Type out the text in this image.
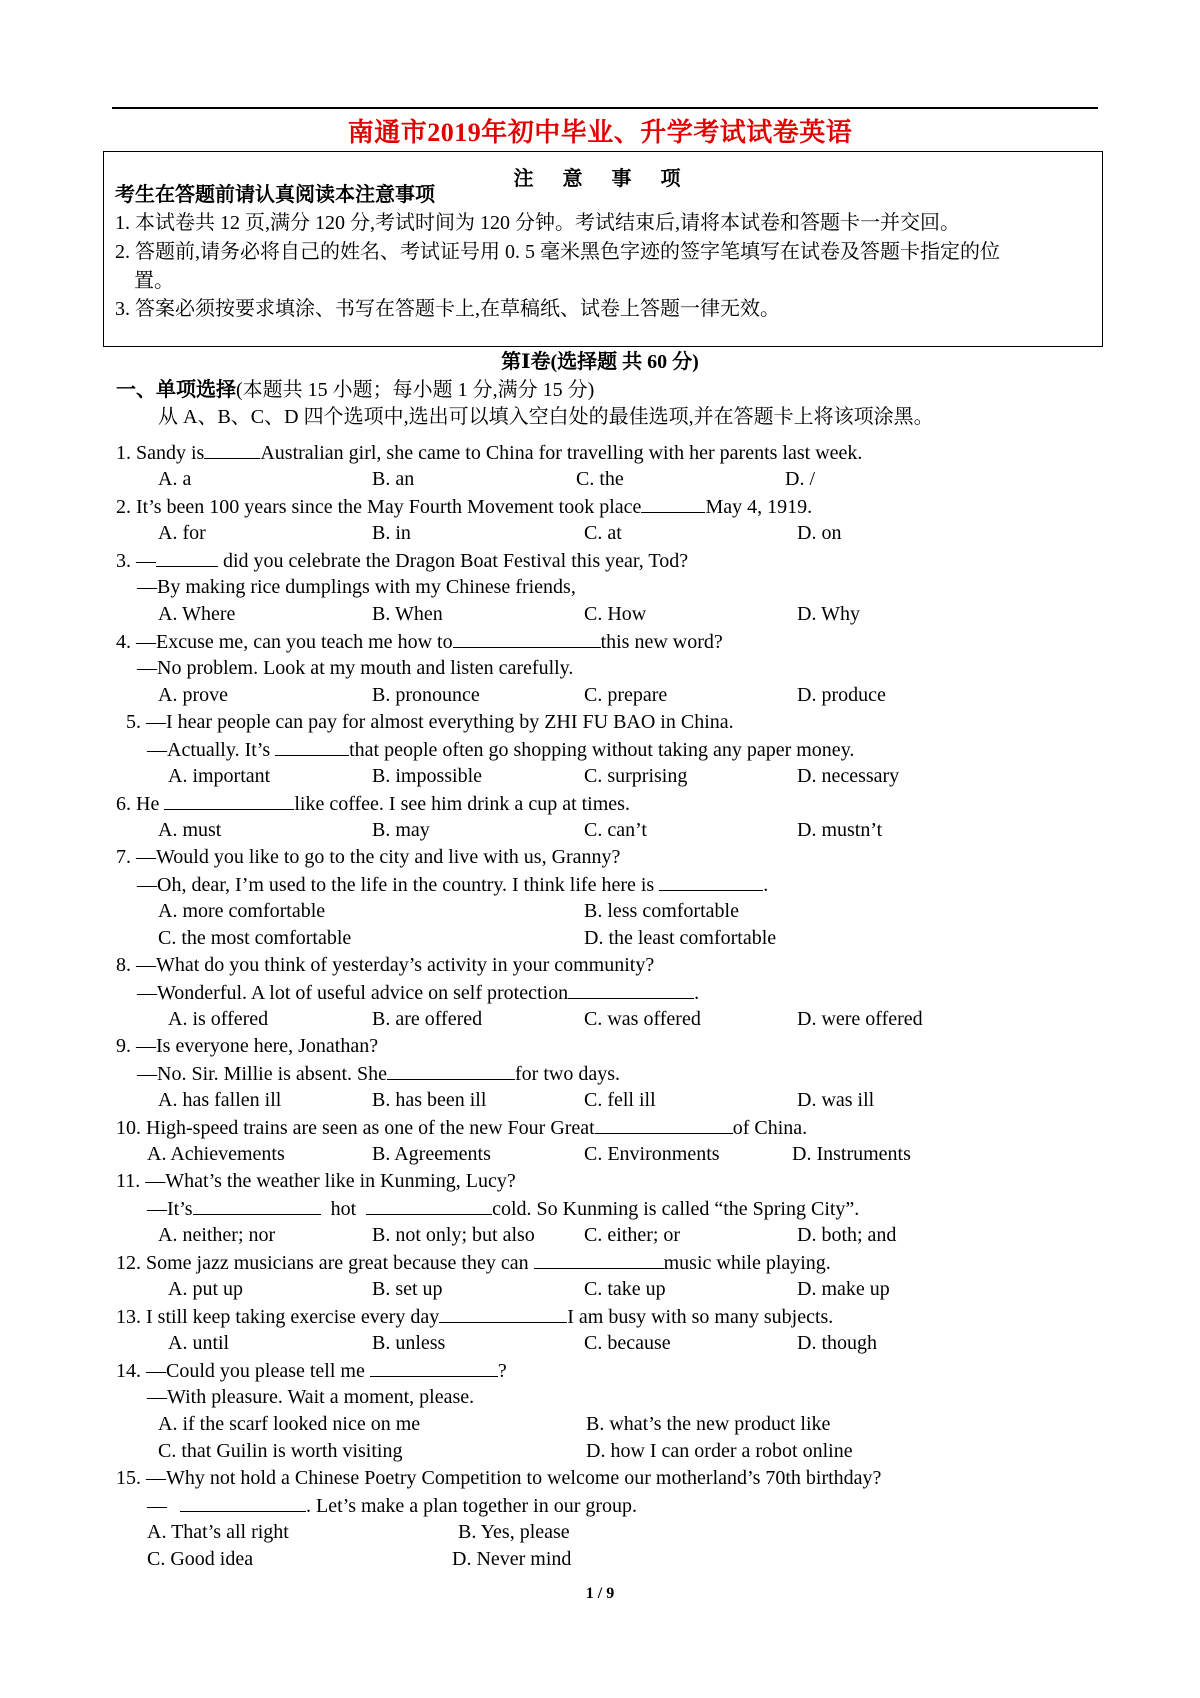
南通市2019年初中毕业、升学考试试卷英语
注 意 事 项
考生在答题前请认真阅读本注意事项
1. 本试卷共 12 页,满分 120 分,考试时间为 120 分钟。考试结束后,请将本试卷和答题卡一并交回。
2. 答题前,请务必将自己的姓名、考试证号用 0. 5 毫米黑色字迹的签字笔填写在试卷及答题卡指定的位
置。
3. 答案必须按要求填涂、书写在答题卡上,在草稿纸、试卷上答题一律无效。
第Ⅰ卷(选择题 共 60 分)
一、单项选择(本题共 15 小题；每小题 1 分,满分 15 分)
从 A、B、C、D 四个选项中,选出可以填入空白处的最佳选项,并在答题卡上将该项涂黑。
1. Sandy is	Australian girl, she came to China for travelling with her parents last week.
A. a	B. an	C. the	D. /
2. It’s been 100 years since the May Fourth Movement took place	May 4, 1919.
A. for	B. in	C. at	D. on
3. —	did you celebrate the Dragon Boat Festival this year, Tod?
—By making rice dumplings with my Chinese friends,
A. Where	B. When	C. How	D. Why
4. —Excuse me, can you teach me how to	this new word?
—No problem. Look at my mouth and listen carefully.
A. prove	B. pronounce	C. prepare	D. produce
5. —I hear people can pay for almost everything by ZHI FU BAO in China.
—Actually. It’s	that people often go shopping without taking any paper money.
A. important	B. impossible	C. surprising	D. necessary
6. He	like coffee. I see him drink a cup at times.
A. must	B. may	C. can’t	D. mustn’t
7. —Would you like to go to the city and live with us, Granny?
—Oh, dear, I’m used to the life in the country. I think life here is	.
A. more comfortable	B. less comfortable
C. the most comfortable	D. the least comfortable
8. —What do you think of yesterday’s activity in your community?
—Wonderful. A lot of useful advice on self protection	.
A. is offered	B. are offered	C. was offered	D. were offered
9. —Is everyone here, Jonathan?
—No. Sir. Millie is absent. She	for two days.
A. has fallen ill	B. has been ill	C. fell ill	D. was ill
10. High-speed trains are seen as one of the new Four Great	of China.
A. Achievements	B. Agreements	C. Environments	D. Instruments
11. —What’s the weather like in Kunming, Lucy?
—It’s	hot	cold. So Kunming is called “the Spring City”.
A. neither; nor	B. not only; but also C. either; or	D. both; and
12. Some jazz musicians are great because they can	music while playing.
A. put up	B. set up	C. take up	D. make up
13. I still keep taking exercise every day	I am busy with so many subjects.
A. until	B. unless	C. because	D. though
14. —Could you please tell me	?
—With pleasure. Wait a moment, please.
A. if the scarf looked nice on me	B. what’s the new product like
C. that Guilin is worth visiting	D. how I can order a robot online
15. —Why not hold a Chinese Poetry Competition to welcome our motherland’s 70th birthday?
—	. Let’s make a plan together in our group.
A. That’s all right	B. Yes, please
C. Good idea	D. Never mind
1 / 9
